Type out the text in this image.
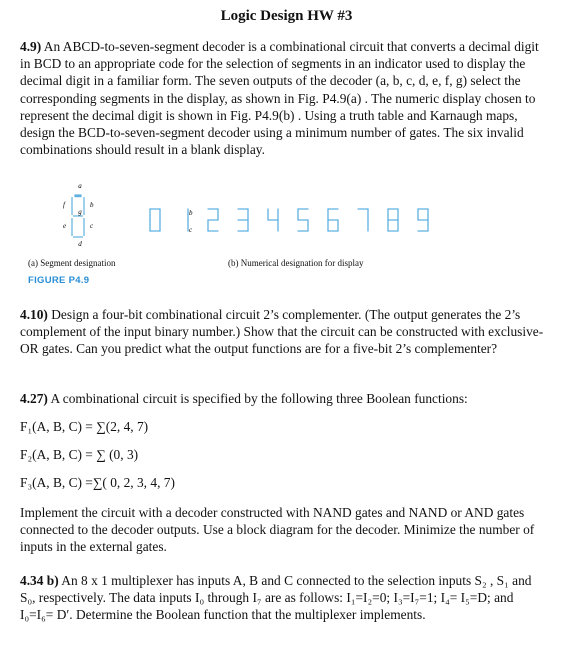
Logic Design HW #3
4.9) An ABCD-to-seven-segment decoder is a combinational circuit that converts a decimal digit in BCD to an appropriate code for the selection of segments in an indicator used to display the decimal digit in a familiar form. The seven outputs of the decoder (a, b, c, d, e, f, g) select the corresponding segments in the display, as shown in Fig. P4.9(a) . The numeric display chosen to represent the decimal digit is shown in Fig. P4.9(b) . Using a truth table and Karnaugh maps, design the BCD-to-seven-segment decoder using a minimum number of gates. The six invalid combinations should result in a blank display.
a
b
c
d
e
f
g	b
c
(a) Segment designation	(b) Numerical designation for display
FIGURE P4.9
4.10) Design a four-bit combinational circuit 2’s complementer. (The output generates the 2’s complement of the input binary number.) Show that the circuit can be constructed with exclusive-OR gates. Can you predict what the output functions are for a five-bit 2’s complementer?
4.27) A combinational circuit is specified by the following three Boolean functions:
F₁(A, B, C) = ∑(2, 4, 7)
F₂(A, B, C) = ∑ (0, 3)
F₃(A, B, C) =∑( 0, 2, 3, 4, 7)
Implement the circuit with a decoder constructed with NAND gates and NAND or AND gates connected to the decoder outputs. Use a block diagram for the decoder. Minimize the number of inputs in the external gates.
4.34 b) An 8 x 1 multiplexer has inputs A, B and C connected to the selection inputs S₂ , S₁ and S₀, respectively. The data inputs I₀ through I₇ are as follows: I₁=I₂=0; I₃=I₇=1; I₄= I₅=D; and I₀=I₆= D′. Determine the Boolean function that the multiplexer implements.
